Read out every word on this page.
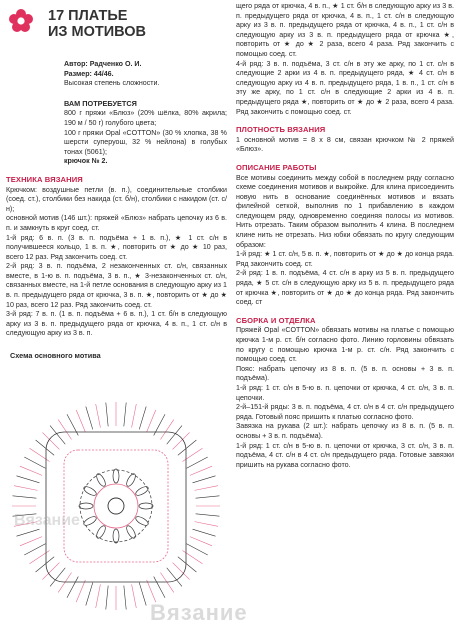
17 ПЛАТЬЕ
ИЗ МОТИВОВ

Автор: Радченко О. И.

Размер: 44/46.

Высокая степень сложности.

ВАМ ПОТРЕБУЕТСЯ

800 г пряжи «Блюз» (20% шёлка, 80% акрила; 190 м / 50 г) голубого цвета;

100 г пряжи Opal «COTTON» (30 % хлопка, 38 % шерсти суперуош, 32 % нейлона) в голубых тонах (5061);

крючок № 2.

ТЕХНИКА ВЯЗАНИЯ

Крючком: воздушные петли (в. п.), соединительные столбики (соед. ст.), столбики без накида (ст. б/н), столбики с накидом (ст. с/н);

основной мотив (146 шт.): пряжей «Блюз» набрать цепочку из 6 в. п. и замкнуть в круг соед. ст.

1-й ряд: 6 в. п. (3 в. п. подъёма + 1 в. п.), ★ 1 ст. с/н в получившееся кольцо, 1 в. п. ★, повторить от ★ до ★ 10 раз, всего 12 раз. Ряд закончить соед. ст.

2-й ряд: 3 в. п. подъёма, 2 незаконченных ст. с/н, связанных вместе, в 1-ю в. п. подъёма, 3 в. п., ★ 3-незаконченных ст. с/н, связанных вместе, на 1-й петле основания в следующую арку из 1 в. п. предыдущего ряда от крючка, 3 в. п. ★, повторить от ★ до ★ 10 раз, всего 12 раз. Ряд закончить соед. ст.

3-й ряд: 7 в. п. (1 в. п. подъёма + 6 в. п.), 1 ст. б/н в следующую арку из 3 в. п. предыдущего ряда от крючка, 4 в. п., 1 ст. с/н в следующую арку из 3 в. п.

Схема основного мотива
Вязание
Вязание

щего ряда от крючка, 4 в. п., ★ 1 ст. б/н в следующую арку из 3 в. п. предыдущего ряда от крючка, 4 в. п., 1 ст. с/н в следующую арку из 3 в. п. предыдущего ряда от крючка, 4 в. п., 1 ст. с/н в следующую арку из 3 в. п. предыдущего ряда от крючка ★, повторить от ★ до ★ 2 раза, всего 4 раза. Ряд закончить с помощью соед. ст.

4-й ряд: 3 в. п. подъёма, 3 ст. с/н в эту же арку, по 1 ст. с/н в следующие 2 арки из 4 в. п. предыдущего ряда, ★ 4 ст. с/н в следующую арку из 4 в. п. предыдущего ряда, 1 в. п., 1 ст. с/н в эту же арку, по 1 ст. с/н в следующие 2 арки из 4 в. п. предыдущего ряда ★, повторить от ★ до ★ 2 раза, всего 4 раза. Ряд закончить с помощью соед. ст.

ПЛОТНОСТЬ ВЯЗАНИЯ

1 основной мотив = 8 х 8 см, связан крючком № 2 пряжей «Блюз».

ОПИСАНИЕ РАБОТЫ

Все мотивы соединить между собой в последнем ряду согласно схеме соединения мотивов и выкройке. Для клина присоединить новую нить в основание соединённых мотивов и вязать филейной сеткой, выполнив по 1 прибавлению в каждом следующем ряду, одновременно соединяя полосы из мотивов. Нить отрезать. Таким образом выполнить 4 клина. В последнем клине нить не отрезать. Низ юбки обвязать по кругу следующим образом:

1-й ряд: ★ 1 ст. с/н, 5 в. п. ★, повторить от ★ до ★ до конца ряда. Ряд закончить соед. ст.

2-й ряд: 1 в. п. подъёма, 4 ст. с/н в арку из 5 в. п. предыдущего ряда, ★ 5 ст. с/н в следующую арку из 5 в. п. предыдущего ряда от крючка ★, повторить от ★ до ★ до конца ряда. Ряд закончить соед. ст

СБОРКА И ОТДЕЛКА

Пряжей Opal «COTTON» обвязать мотивы на платье с помощью крючка 1-м р. ст. б/н согласно фото. Линию горловины обвязать по кругу с помощью крючка 1-м р. ст. с/н. Ряд закончить с помощью соед. ст.

Пояс: набрать цепочку из 8 в. п. (5 в. п. основы + 3 в. п. подъёма).

1-й ряд: 1 ст. с/н в 5-ю в. п. цепочки от крючка, 4 ст. с/н, 3 в. п. цепочки.

2-й–151-й ряды: 3 в. п. подъёма, 4 ст. с/н в 4 ст. с/н предыдущего ряда. Готовый пояс пришить к платью согласно фото.

Завязка на рукава (2 шт.): набрать цепочку из 8 в. п. (5 в. п. основы + 3 в. п. подъёма).

1-й ряд: 1 ст. с/н в 5-ю в. п. цепочки от крючка, 3 ст. с/н, 3 в. п. подъёма, 4 ст. с/н в 4 ст. с/н предыдущего ряда. Готовые завязки пришить на рукава согласно фото.
